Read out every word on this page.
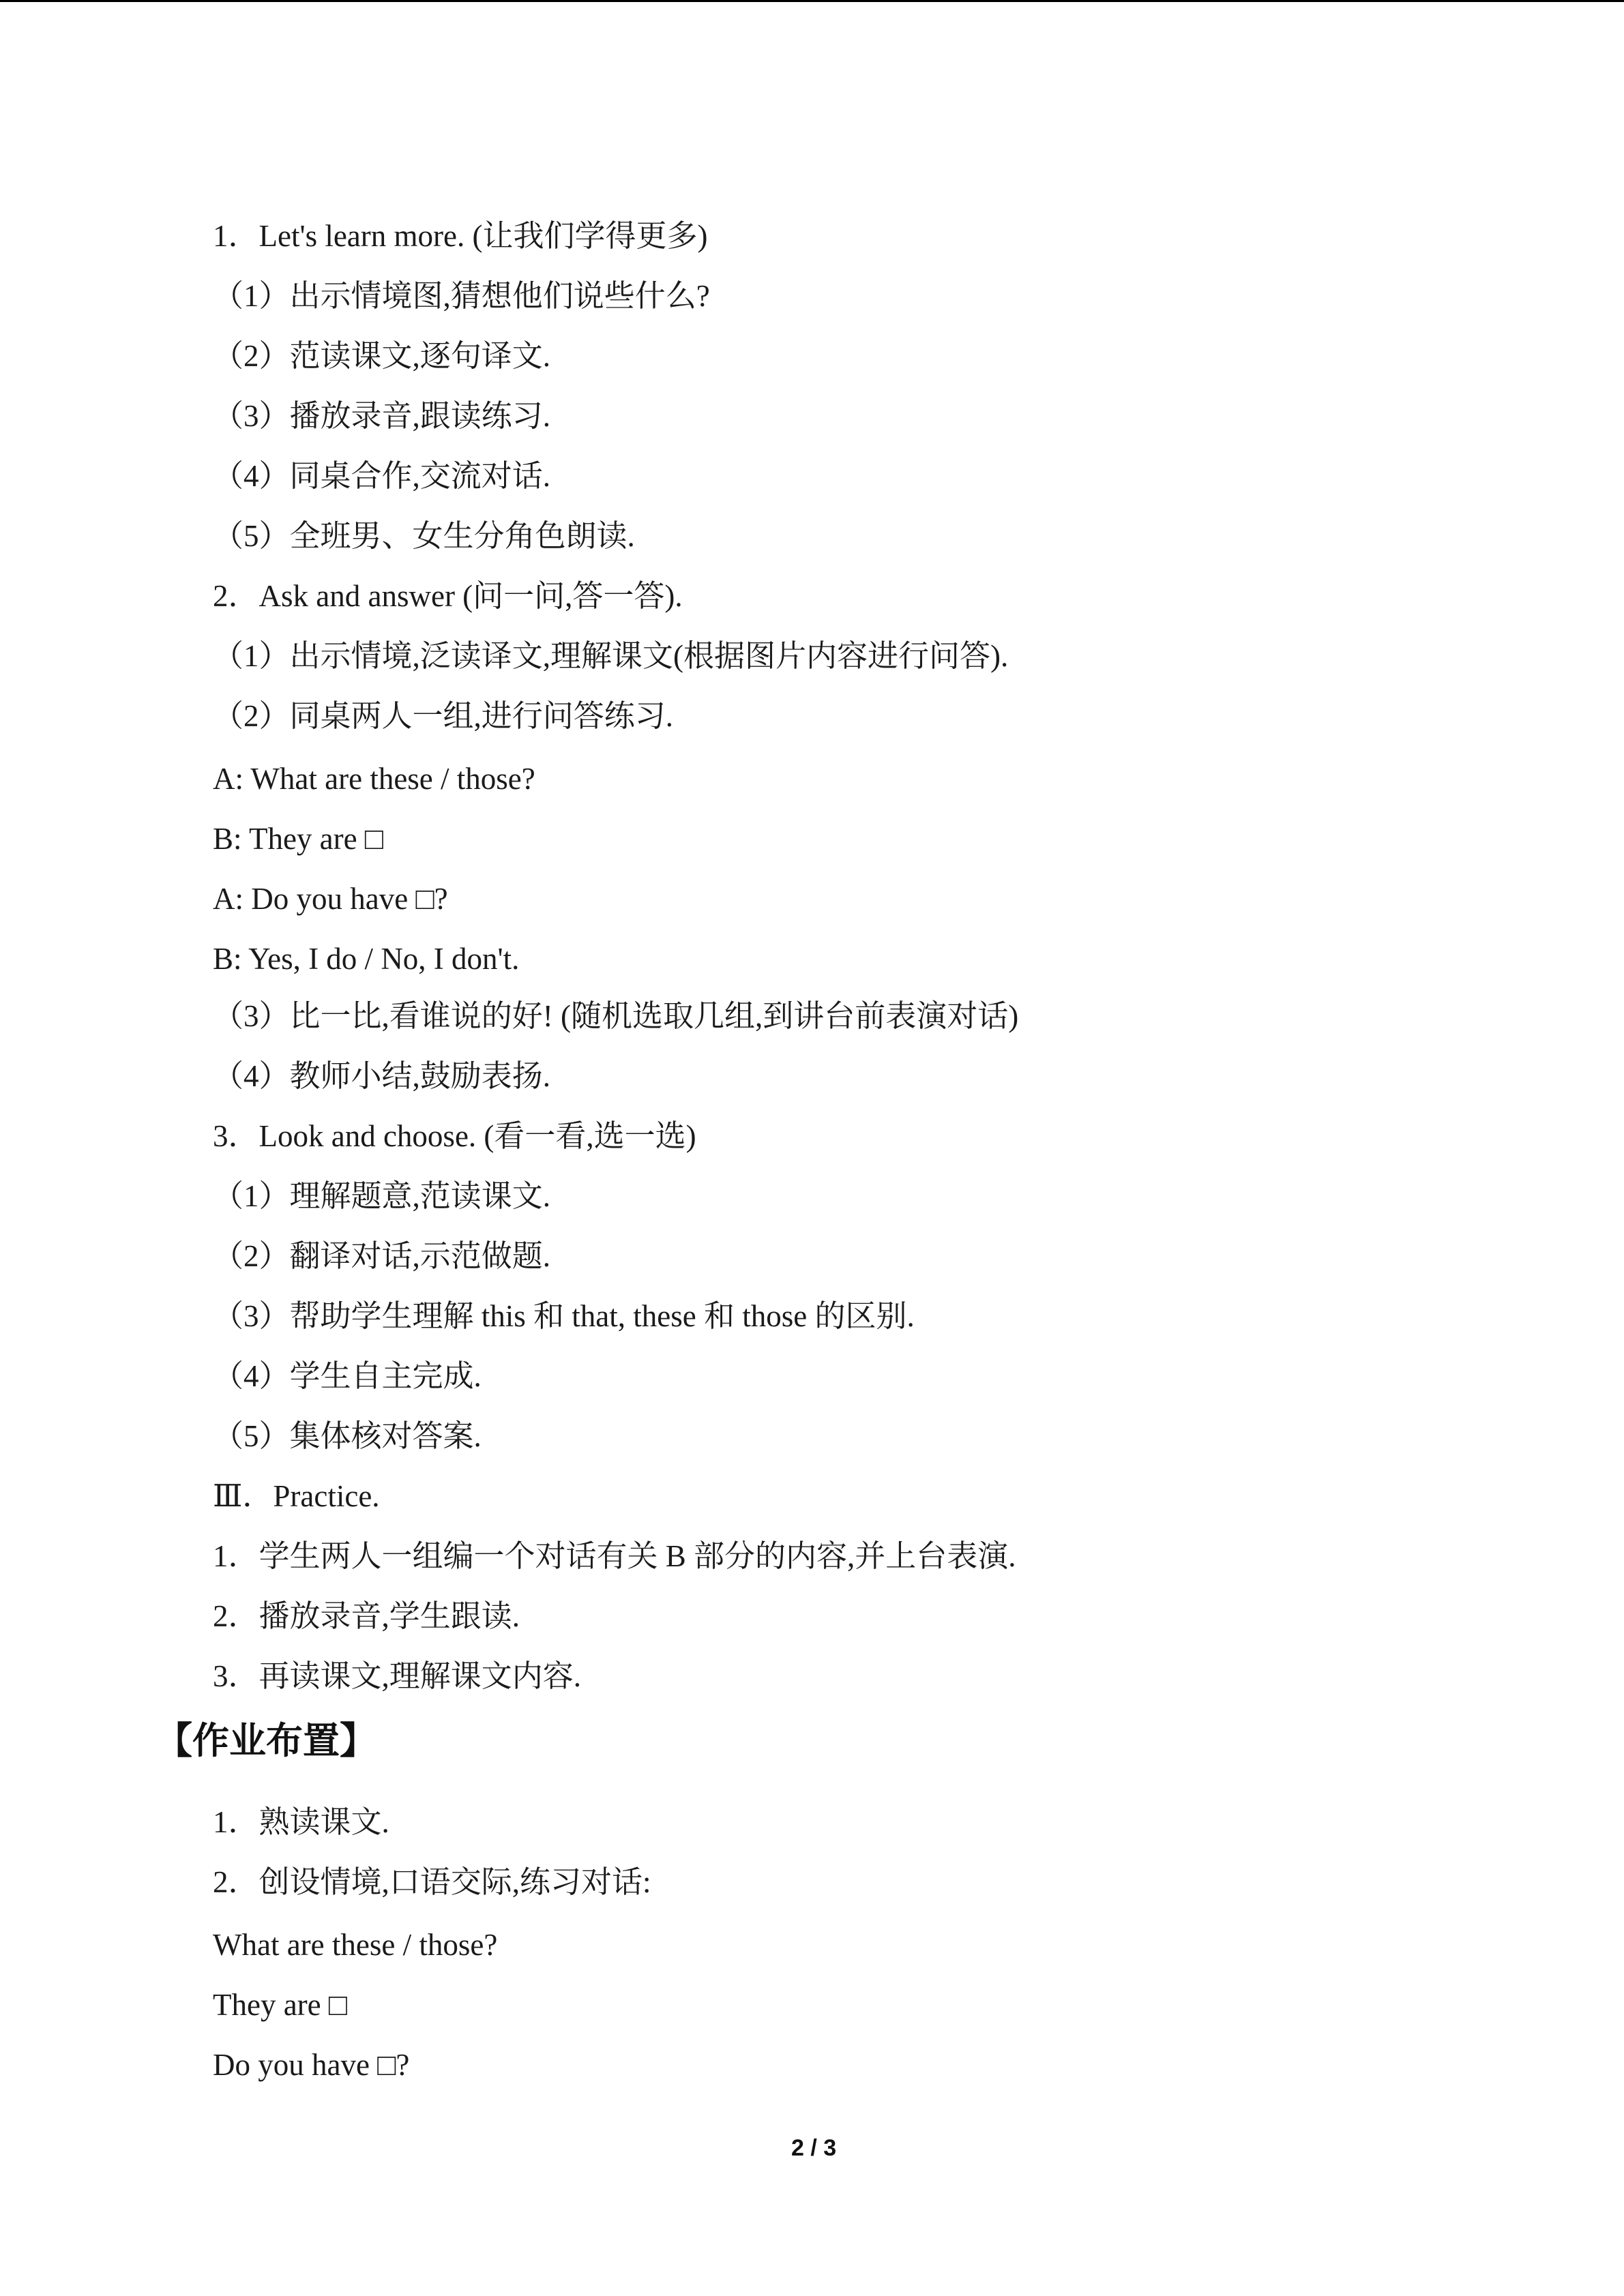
1．Let's learn more. (让我们学得更多)
（1）出示情境图,猜想他们说些什么?
（2）范读课文,逐句译文.
（3）播放录音,跟读练习.
（4）同桌合作,交流对话.
（5）全班男、女生分角色朗读.
2．Ask and answer (问一问,答一答).
（1）出示情境,泛读译文,理解课文(根据图片内容进行问答).
（2）同桌两人一组,进行问答练习.
A: What are these / those?
B: They are □
A: Do you have □?
B: Yes, I do / No, I don't.
（3）比一比,看谁说的好! (随机选取几组,到讲台前表演对话)
（4）教师小结,鼓励表扬.
3．Look and choose. (看一看,选一选)
（1）理解题意,范读课文.
（2）翻译对话,示范做题.
（3）帮助学生理解 this 和 that, these 和 those 的区别.
（4）学生自主完成.
（5）集体核对答案.
Ⅲ．Practice.
1．学生两人一组编一个对话有关 B 部分的内容,并上台表演.
2．播放录音,学生跟读.
3．再读课文,理解课文内容.
【作业布置】
1．熟读课文.
2．创设情境,口语交际,练习对话:
What are these / those?
They are □
Do you have □?
2 / 3
